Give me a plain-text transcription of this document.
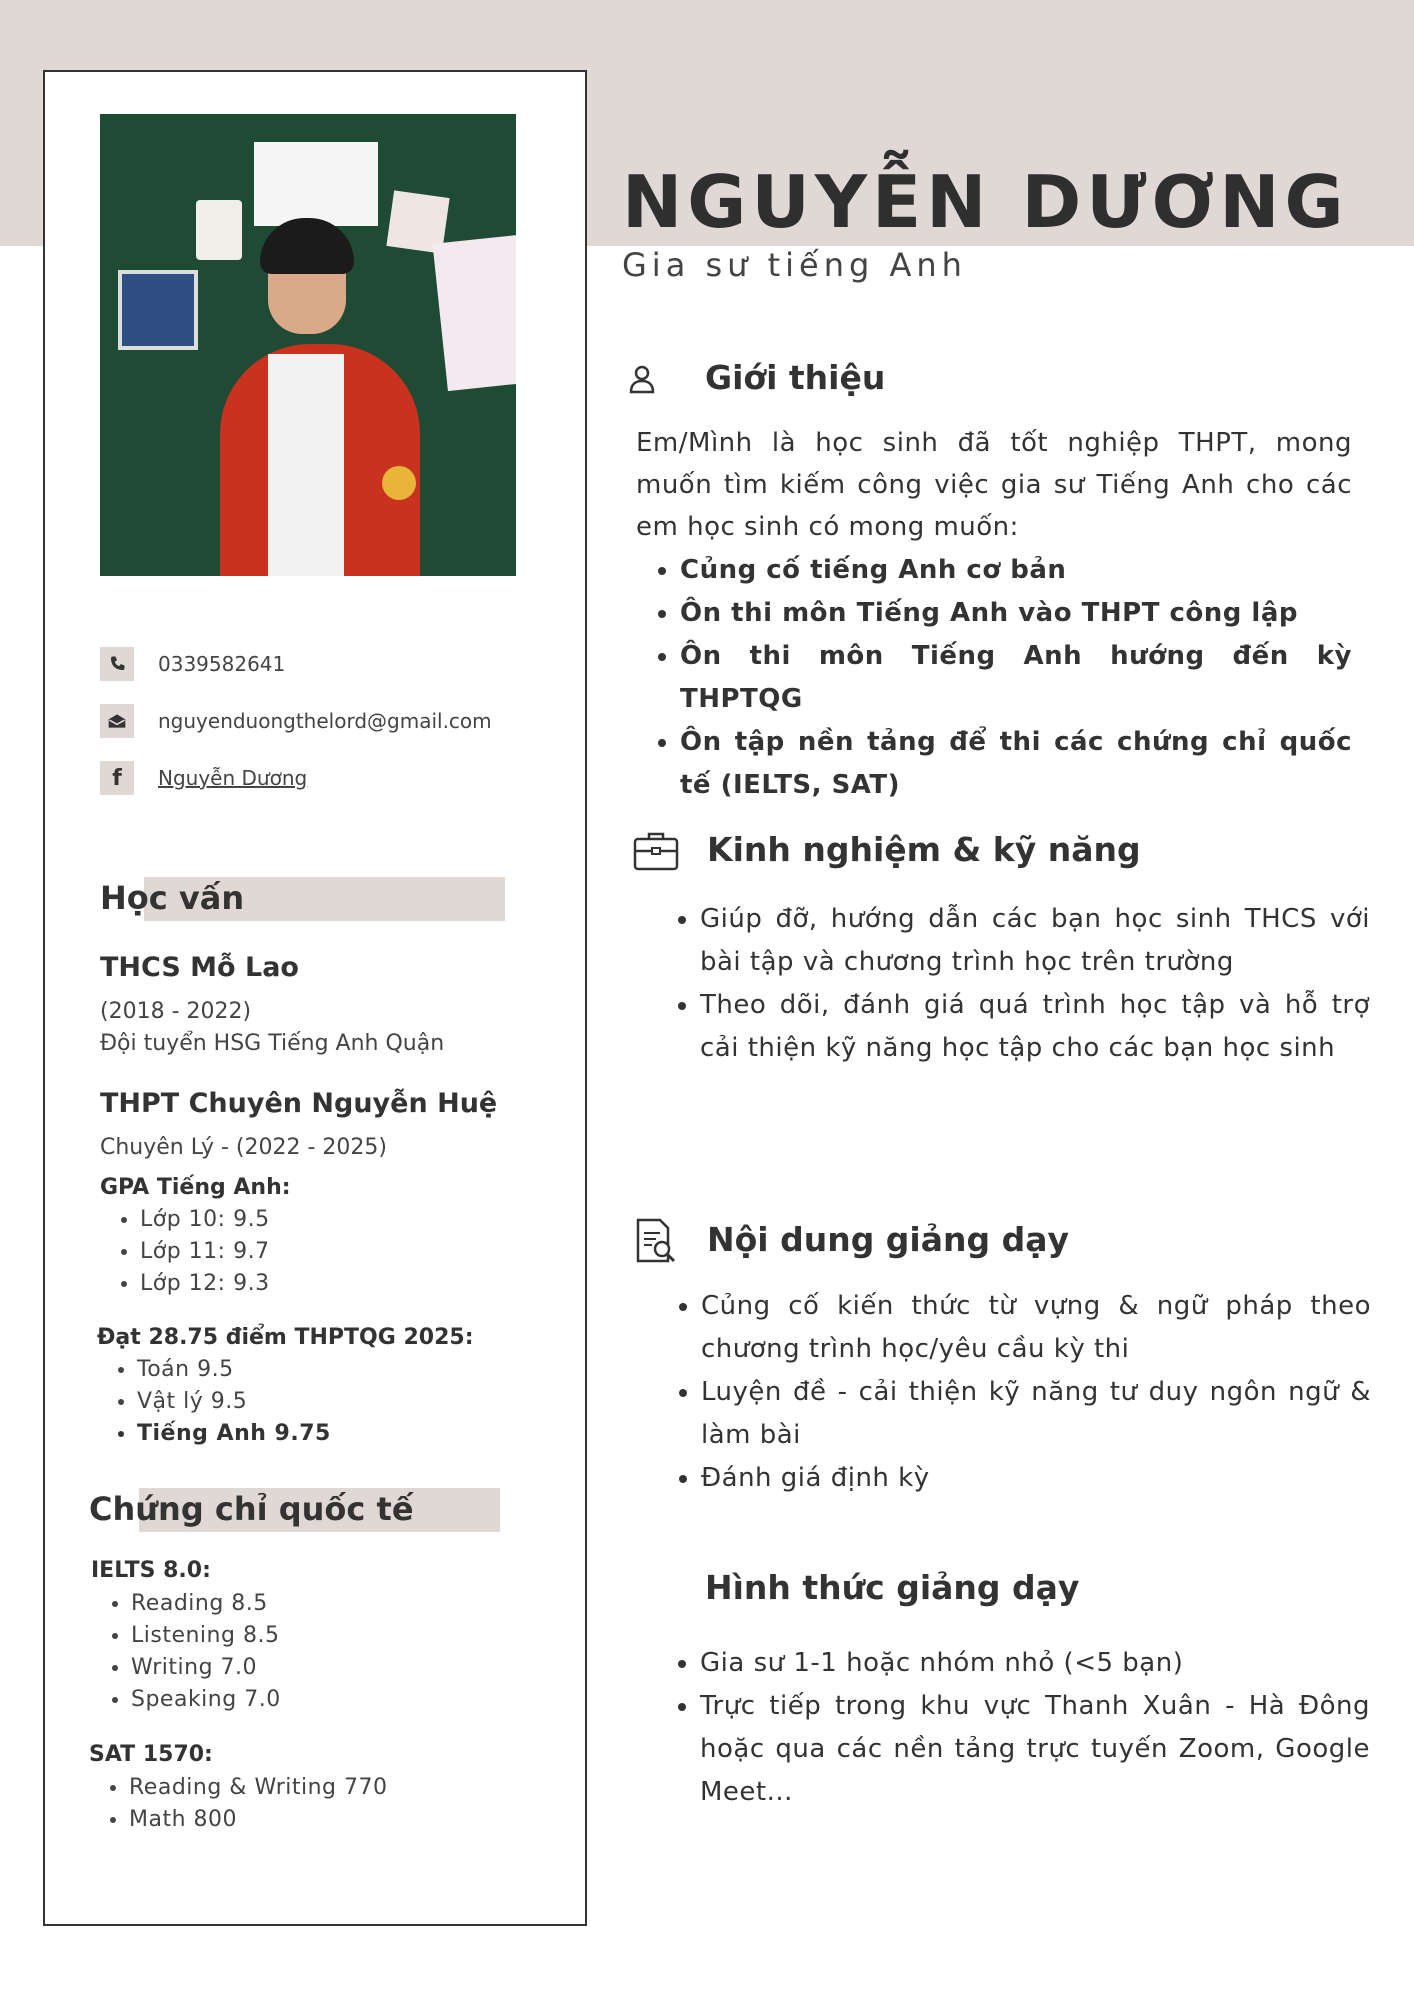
0339582641
nguyenduongthelord@gmail.com
f	Nguyễn Dương
Học vấn
THCS Mỗ Lao
(2018 - 2022)
Đội tuyển HSG Tiếng Anh Quận
THPT Chuyên Nguyễn Huệ
Chuyên Lý - (2022 - 2025)
GPA Tiếng Anh:
• Lớp 10: 9.5
• Lớp 11: 9.7
• Lớp 12: 9.3
Đạt 28.75 điểm THPTQG 2025:
• Toán 9.5
• Vật lý 9.5
• Tiếng Anh 9.75
Chứng chỉ quốc tế
IELTS 8.0:
• Reading 8.5
• Listening 8.5
• Writing 7.0
• Speaking 7.0
SAT 1570:
• Reading & Writing 770
• Math 800
NGUYỄN DƯƠNG
Gia sư tiếng Anh
Giới thiệu
Em/Mình là học sinh đã tốt nghiệp THPT, mong muốn tìm kiếm công việc gia sư Tiếng Anh cho các em học sinh có mong muốn:
• Củng cố tiếng Anh cơ bản
• Ôn thi môn Tiếng Anh vào THPT công lập
• Ôn thi môn Tiếng Anh hướng đến kỳ THPTQG
• Ôn tập nền tảng để thi các chứng chỉ quốc tế (IELTS, SAT)
Kinh nghiệm & kỹ năng
• Giúp đỡ, hướng dẫn các bạn học sinh THCS với bài tập và chương trình học trên trường
• Theo dõi, đánh giá quá trình học tập và hỗ trợ cải thiện kỹ năng học tập cho các bạn học sinh
Nội dung giảng dạy
• Củng cố kiến thức từ vựng & ngữ pháp theo chương trình học/yêu cầu kỳ thi
• Luyện đề - cải thiện kỹ năng tư duy ngôn ngữ & làm bài
• Đánh giá định kỳ
Hình thức giảng dạy
• Gia sư 1-1 hoặc nhóm nhỏ (<5 bạn)
• Trực tiếp trong khu vực Thanh Xuân - Hà Đông hoặc qua các nền tảng trực tuyến Zoom, Google Meet...
